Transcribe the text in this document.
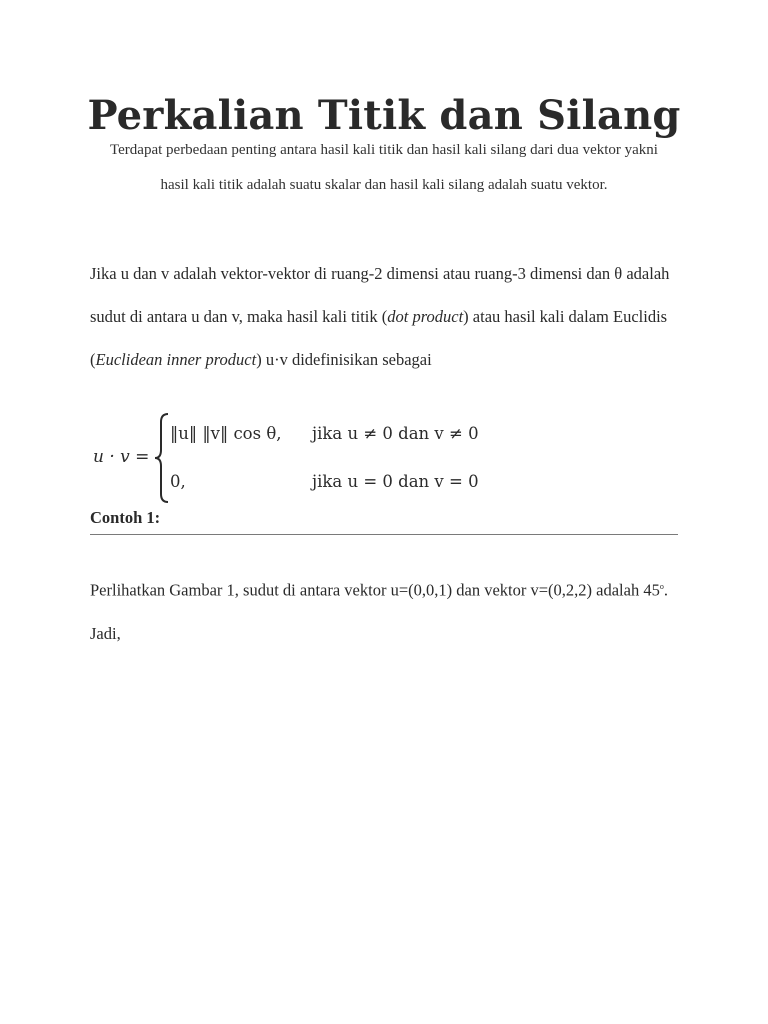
Perkalian Titik dan Silang
Terdapat perbedaan penting antara hasil kali titik dan hasil kali silang dari dua vektor yakni hasil kali titik adalah suatu skalar dan hasil kali silang adalah suatu vektor.
Jika u dan v adalah vektor-vektor di ruang-2 dimensi atau ruang-3 dimensi dan θ adalah sudut di antara u dan v, maka hasil kali titik (dot product) atau hasil kali dalam Euclidis (Euclidean inner product) u·v didefinisikan sebagai
u · v =
‖u‖ ‖v‖ cos θ, jika u ≠ 0 dan v ≠ 0
0,	jika u = 0 dan v = 0
Contoh 1:
Perlihatkan Gambar 1, sudut di antara vektor u=(0,0,1) dan vektor v=(0,2,2) adalah 45$^o$. Jadi,
